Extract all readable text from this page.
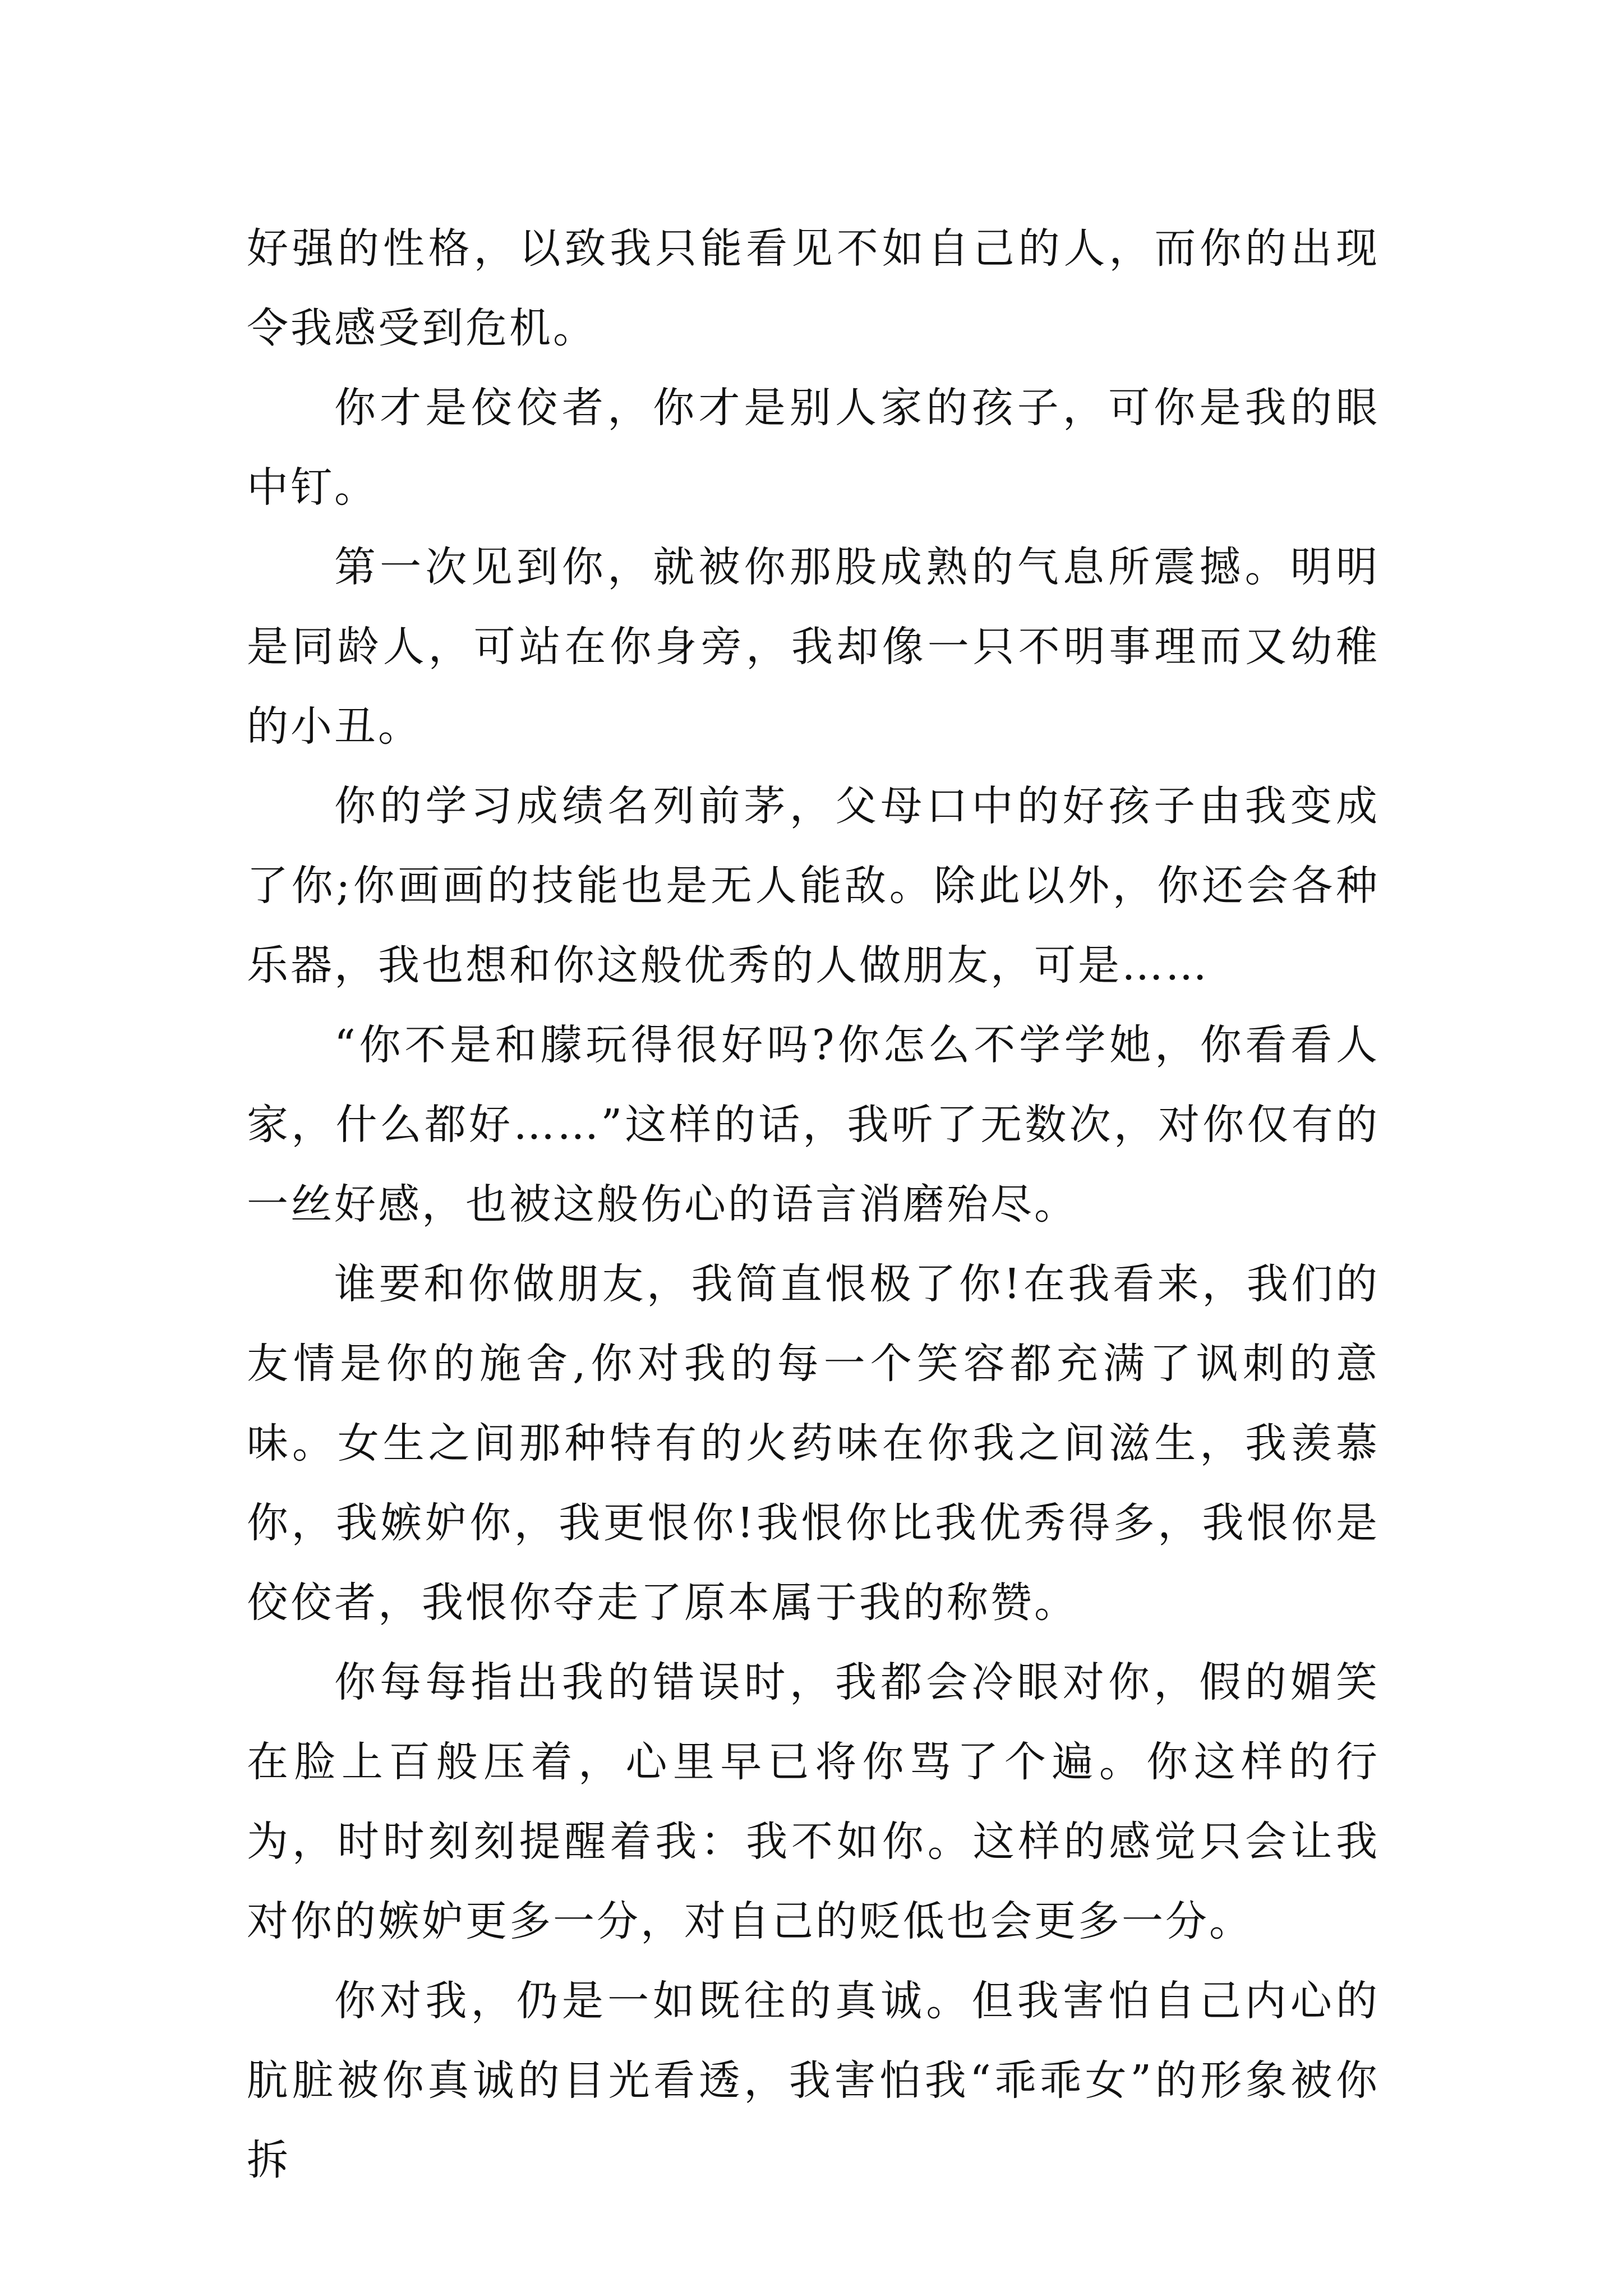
好强的性格，以致我只能看见不如自己的人，而你的出现令我感受到危机。

你才是佼佼者，你才是别人家的孩子，可你是我的眼中钉。

第一次见到你，就被你那股成熟的气息所震撼。明明是同龄人，可站在你身旁，我却像一只不明事理而又幼稚的小丑。

你的学习成绩名列前茅，父母口中的好孩子由我变成了你;你画画的技能也是无人能敌。除此以外，你还会各种乐器，我也想和你这般优秀的人做朋友，可是……

“你不是和朦玩得很好吗?你怎么不学学她，你看看人家，什么都好……”这样的话，我听了无数次，对你仅有的一丝好感，也被这般伤心的语言消磨殆尽。

谁要和你做朋友，我简直恨极了你!在我看来，我们的友情是你的施舍,你对我的每一个笑容都充满了讽刺的意味。女生之间那种特有的火药味在你我之间滋生，我羡慕你，我嫉妒你，我更恨你!我恨你比我优秀得多，我恨你是佼佼者，我恨你夺走了原本属于我的称赞。

你每每指出我的错误时，我都会冷眼对你，假的媚笑在脸上百般压着，心里早已将你骂了个遍。你这样的行为，时时刻刻提醒着我：我不如你。这样的感觉只会让我对你的嫉妒更多一分，对自己的贬低也会更多一分。

你对我，仍是一如既往的真诚。但我害怕自己内心的肮脏被你真诚的目光看透，我害怕我“乖乖女”的形象被你拆
